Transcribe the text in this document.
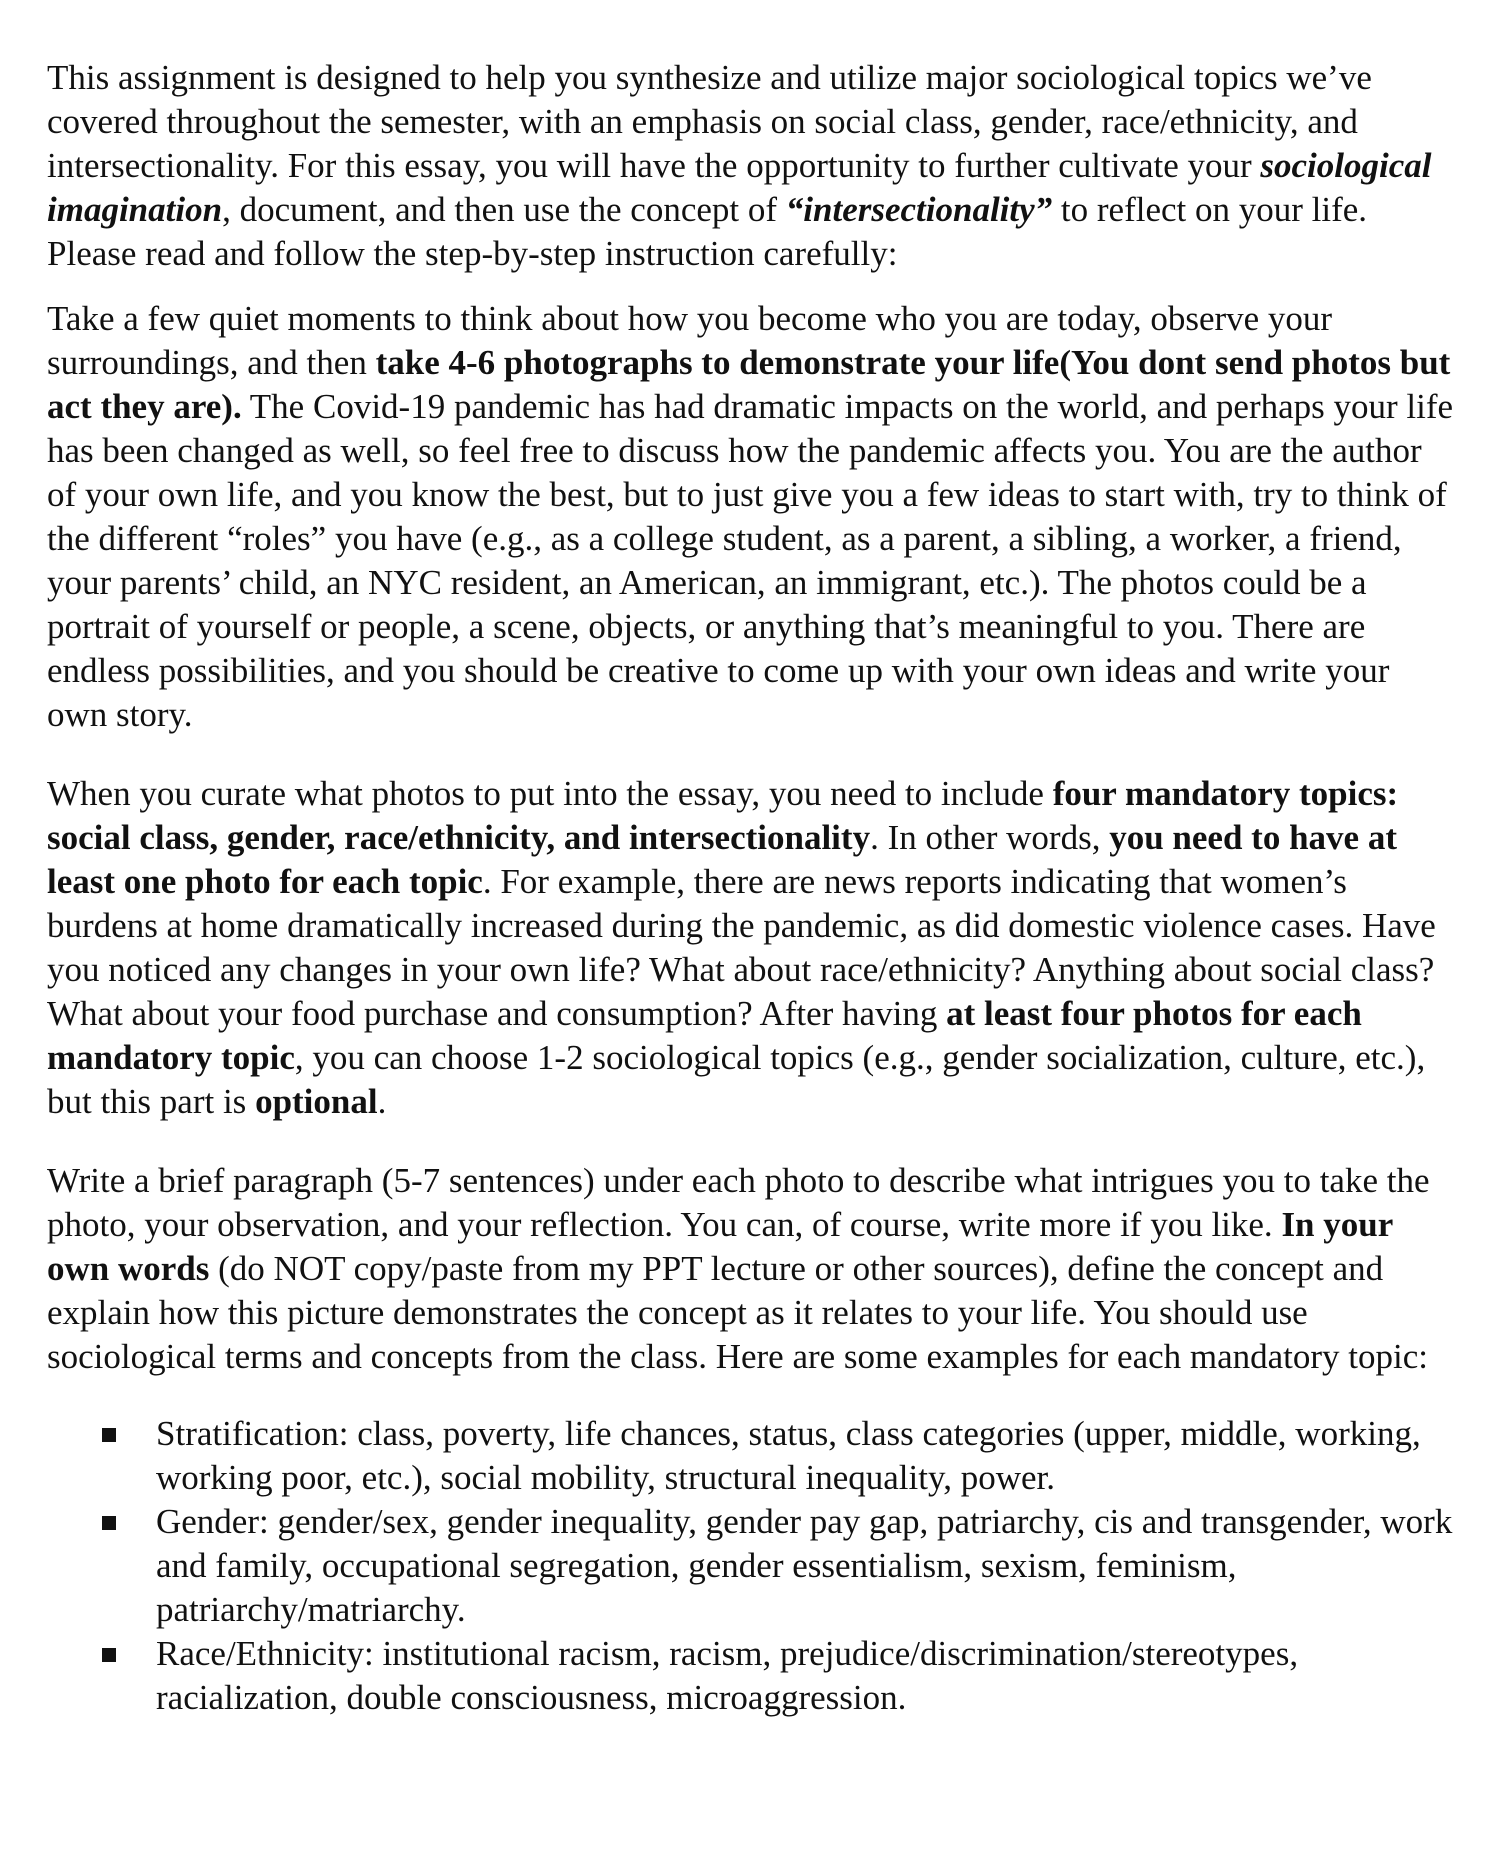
This assignment is designed to help you synthesize and utilize major sociological topics we’ve covered throughout the semester, with an emphasis on social class, gender, race/ethnicity, and intersectionality. For this essay, you will have the opportunity to further cultivate your sociological imagination, document, and then use the concept of “intersectionality” to reflect on your life. Please read and follow the step-by-step instruction carefully:

Take a few quiet moments to think about how you become who you are today, observe your surroundings, and then take 4-6 photographs to demonstrate your life(You dont send photos but act they are). The Covid-19 pandemic has had dramatic impacts on the world, and perhaps your life has been changed as well, so feel free to discuss how the pandemic affects you. You are the author of your own life, and you know the best, but to just give you a few ideas to start with, try to think of the different “roles” you have (e.g., as a college student, as a parent, a sibling, a worker, a friend, your parents’ child, an NYC resident, an American, an immigrant, etc.). The photos could be a portrait of yourself or people, a scene, objects, or anything that’s meaningful to you. There are endless possibilities, and you should be creative to come up with your own ideas and write your own story.

When you curate what photos to put into the essay, you need to include four mandatory topics: social class, gender, race/ethnicity, and intersectionality. In other words, you need to have at least one photo for each topic. For example, there are news reports indicating that women’s burdens at home dramatically increased during the pandemic, as did domestic violence cases. Have you noticed any changes in your own life? What about race/ethnicity? Anything about social class? What about your food purchase and consumption? After having at least four photos for each mandatory topic, you can choose 1-2 sociological topics (e.g., gender socialization, culture, etc.), but this part is optional.

Write a brief paragraph (5-7 sentences) under each photo to describe what intrigues you to take the photo, your observation, and your reflection. You can, of course, write more if you like. In your own words (do NOT copy/paste from my PPT lecture or other sources), define the concept and explain how this picture demonstrates the concept as it relates to your life. You should use sociological terms and concepts from the class. Here are some examples for each mandatory topic:

Stratification: class, poverty, life chances, status, class categories (upper, middle, working, working poor, etc.), social mobility, structural inequality, power.
Gender: gender/sex, gender inequality, gender pay gap, patriarchy, cis and transgender, work and family, occupational segregation, gender essentialism, sexism, feminism, patriarchy/matriarchy.
Race/Ethnicity: institutional racism, racism, prejudice/discrimination/stereotypes, racialization, double consciousness, microaggression.
